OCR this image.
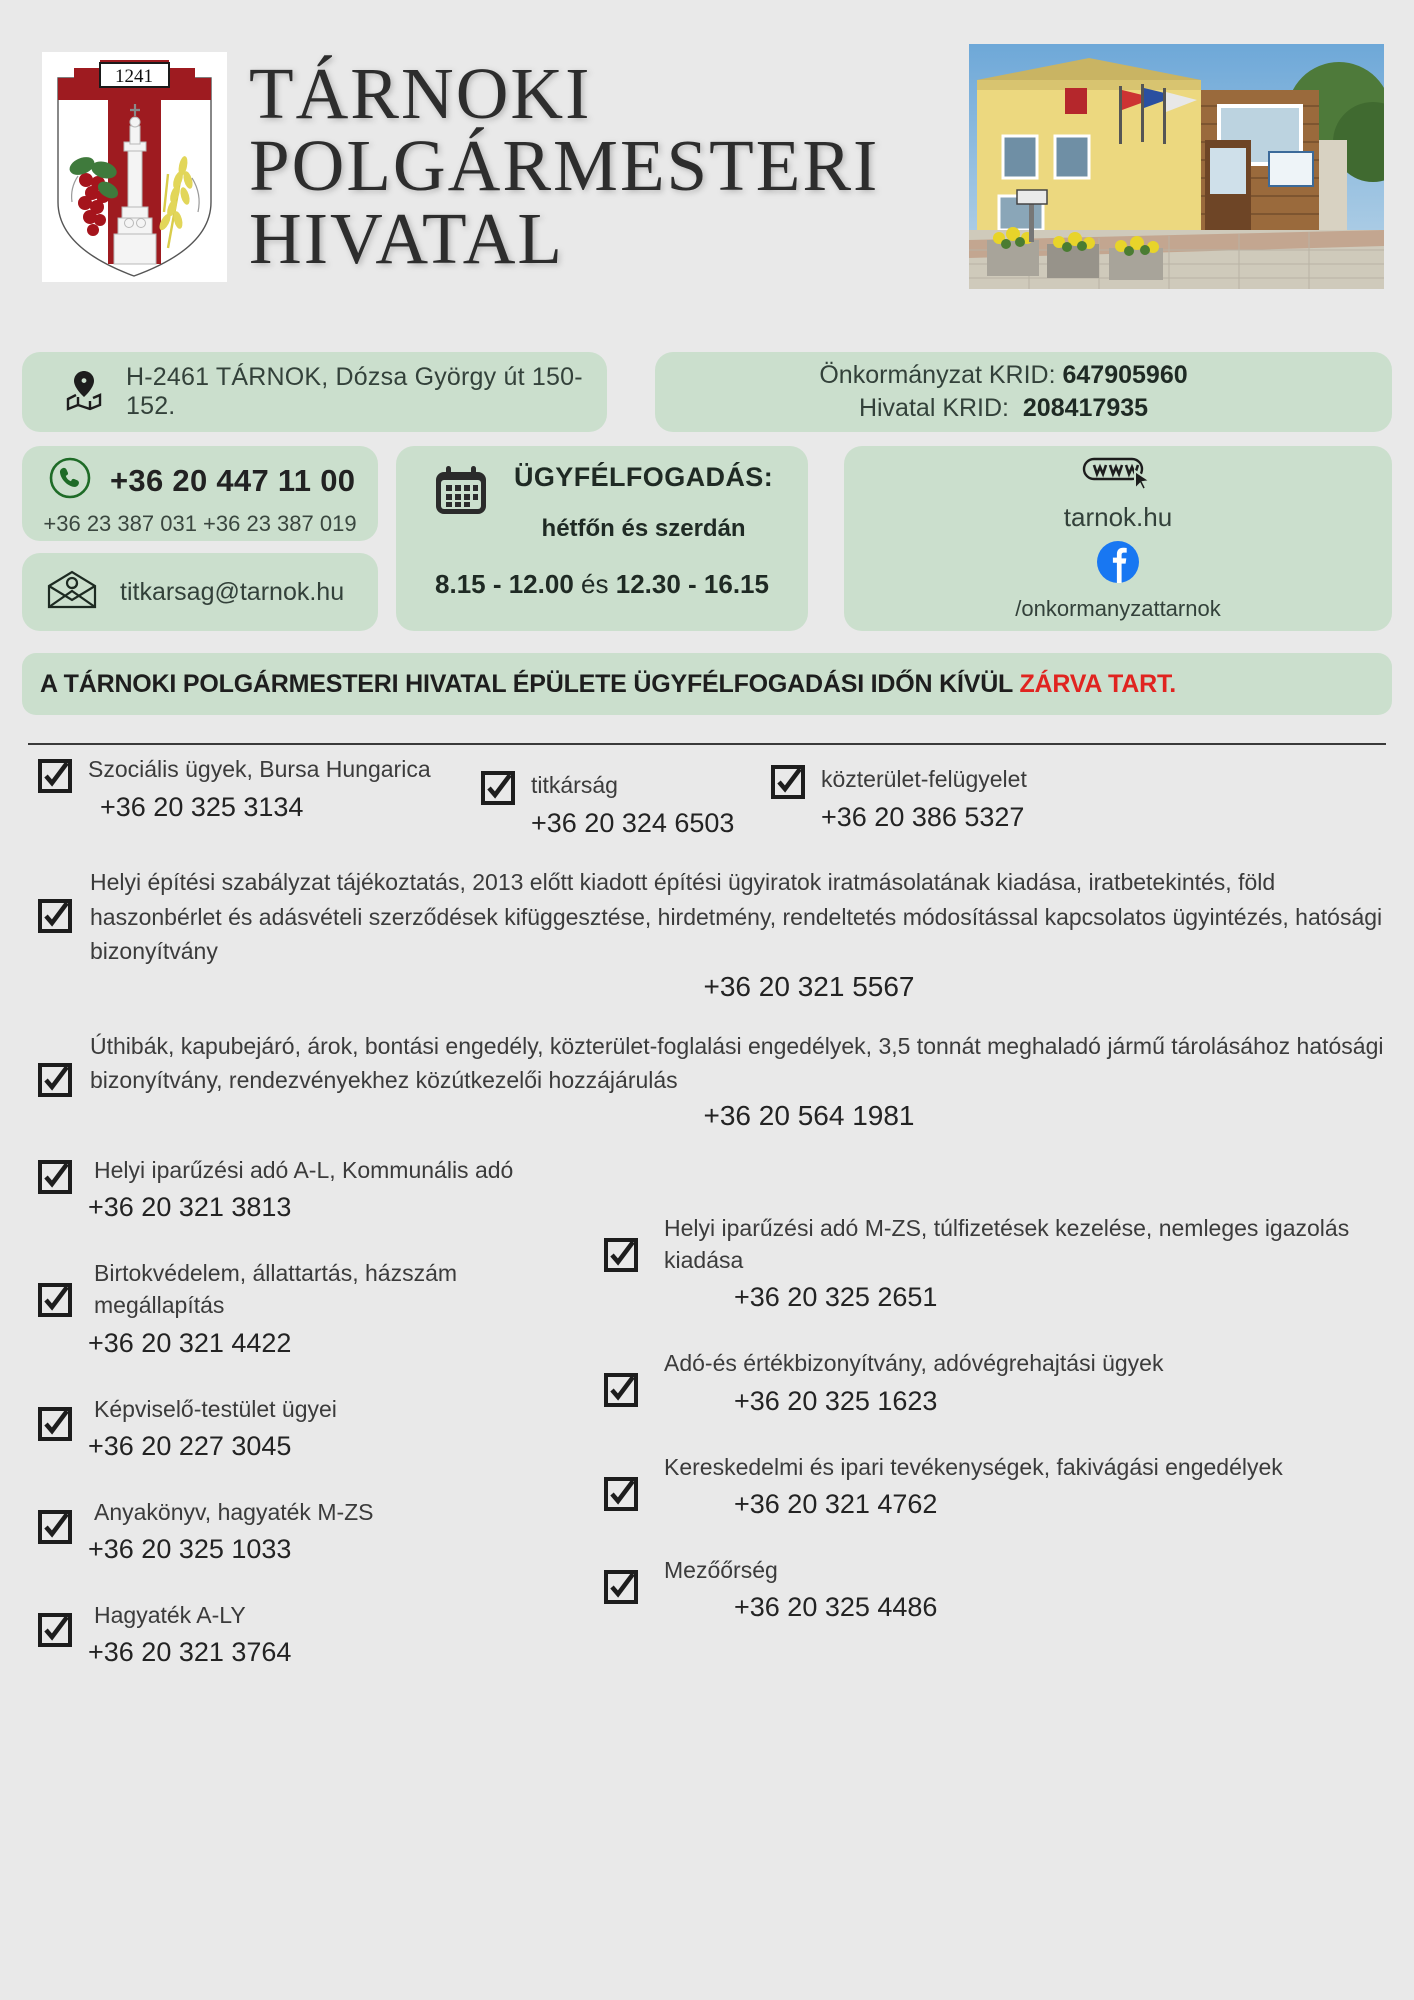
1241 TÁRNOKI
POLGÁRMESTERI
HIVATAL
H-2461 TÁRNOK, Dózsa György út 150-152.
Önkormányzat KRID: 647905960
Hivatal KRID: 208417935
+36 20 447 11 00
+36 23 387 031 +36 23 387 019
titkarsag@tarnok.hu
ÜGYFÉLFOGADÁS:
hétfőn és szerdán
8.15 - 12.00 és 12.30 - 16.15
tarnok.hu
/onkormanyzattarnok
A TÁRNOKI POLGÁRMESTERI HIVATAL ÉPÜLETE ÜGYFÉLFOGADÁSI IDŐN KÍVÜL ZÁRVA TART.
Szociális ügyek, Bursa Hungarica
+36 20 325 3134
titkárság
+36 20 324 6503
közterület-felügyelet
+36 20 386 5327
Helyi építési szabályzat tájékoztatás, 2013 előtt kiadott építési ügyiratok iratmásolatának kiadása, iratbetekintés, föld haszonbérlet és adásvételi szerződések kifüggesztése, hirdetmény, rendeltetés módosítással kapcsolatos ügyintézés, hatósági bizonyítvány
+36 20 321 5567
Úthibák, kapubejáró, árok, bontási engedély, közterület-foglalási engedélyek, 3,5 tonnát meghaladó jármű tárolásához hatósági bizonyítvány, rendezvényekhez közútkezelői hozzájárulás
+36 20 564 1981
Helyi iparűzési adó A-L, Kommunális adó
+36 20 321 3813
Birtokvédelem, állattartás, házszám megállapítás
+36 20 321 4422
Képviselő-testület ügyei
+36 20 227 3045
Anyakönyv, hagyaték M-ZS
+36 20 325 1033
Hagyaték A-LY
+36 20 321 3764
Helyi iparűzési adó M-ZS, túlfizetések kezelése, nemleges igazolás kiadása
+36 20 325 2651
Adó-és értékbizonyítvány, adóvégrehajtási ügyek
+36 20 325 1623
Kereskedelmi és ipari tevékenységek, fakivágási engedélyek
+36 20 321 4762
Mezőőrség
+36 20 325 4486
